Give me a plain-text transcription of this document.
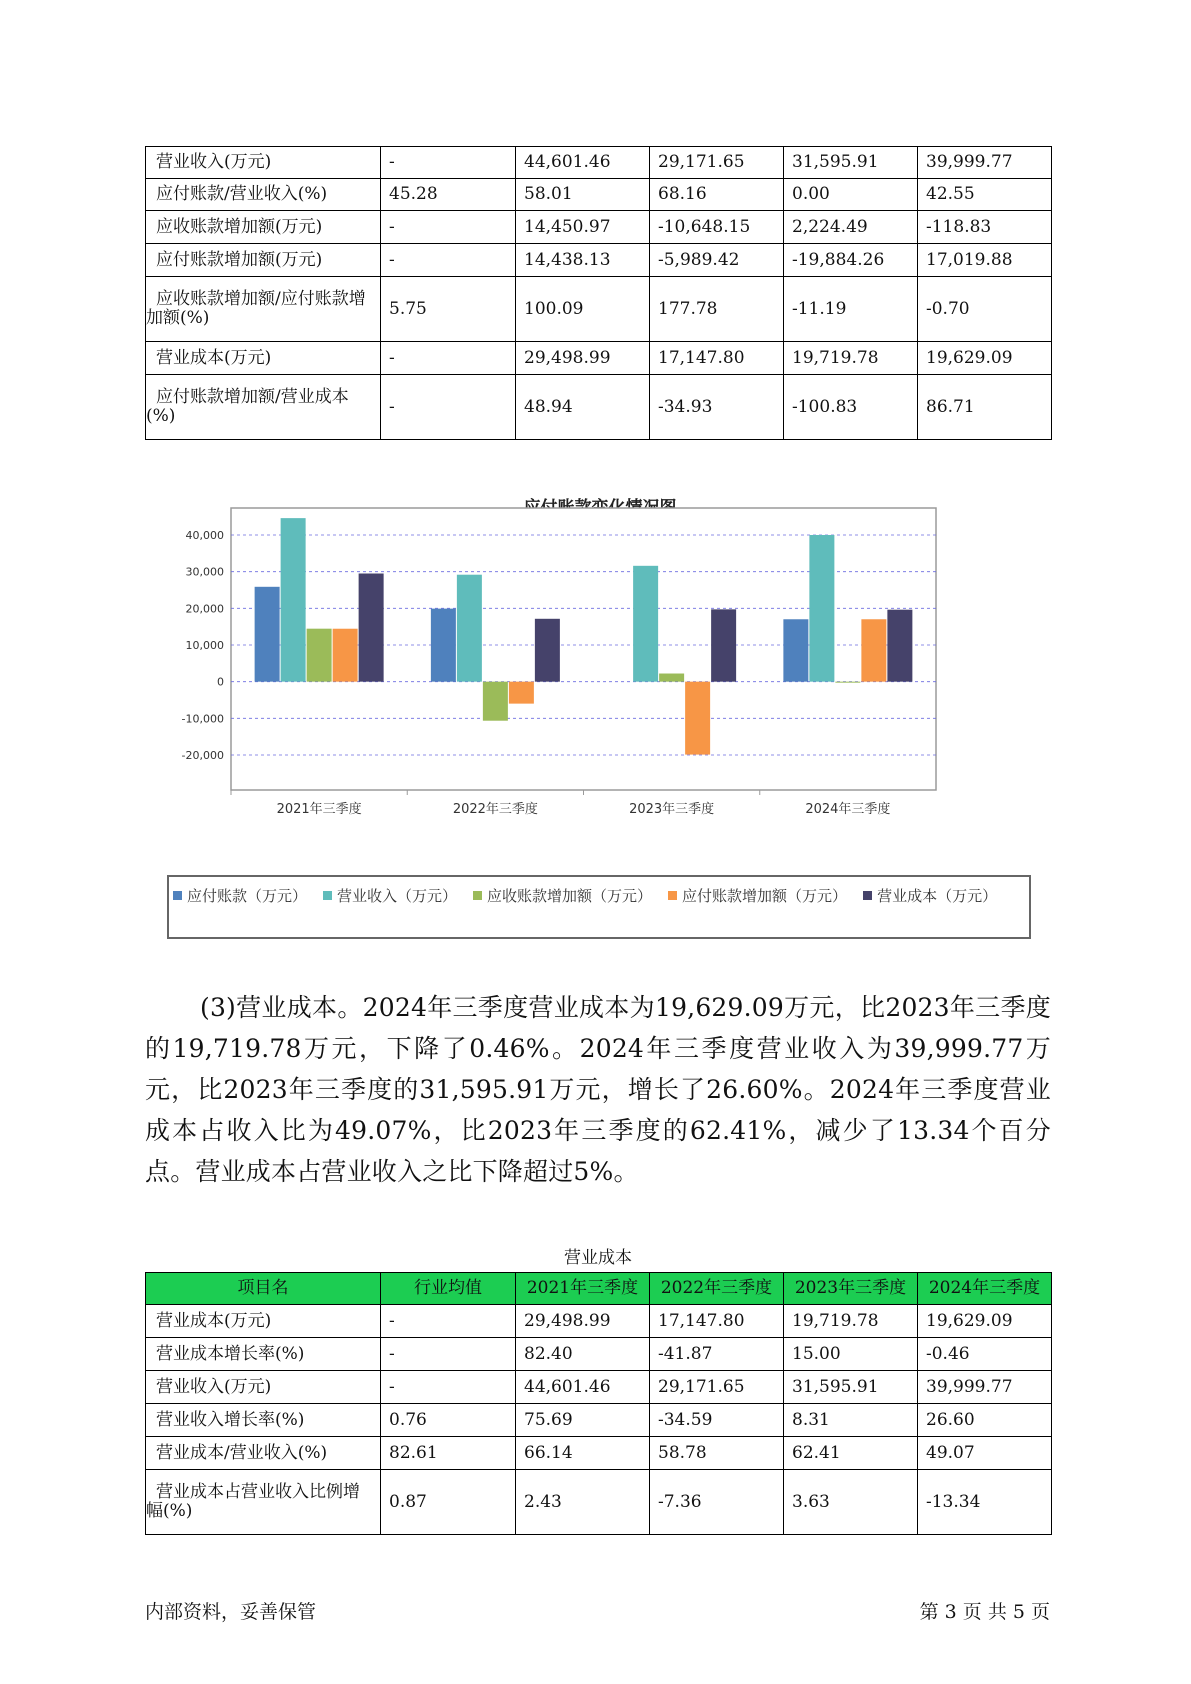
营业收入(万元)	-	44,601.46	29,171.65	31,595.91	39,999.77
应付账款/营业收入(%)	45.28	58.01	68.16	0.00	42.55
应收账款增加额(万元)	-	14,450.97	-10,648.15	2,224.49	-118.83
应付账款增加额(万元)	-	14,438.13	-5,989.42	-19,884.26	17,019.88
应收账款增加额/应付账款增加额(%)	5.75	100.09	177.78	-11.19	-0.70
营业成本(万元)	-	29,498.99	17,147.80	19,719.78	19,629.09
应付账款增加额/营业成本(%)	-	48.94	-34.93	-100.83	86.71
40,000
30,000
20,000
10,000
0
-10,000
-20,000
2021年三季度	2022年三季度	2023年三季度	2024年三季度
应付账款（万元） 营业收入（万元） 应收账款增加额（万元） 应付账款增加额（万元） 营业成本（万元）

(3)营业成本。2024年三季度营业成本为19,629.09万元，比2023年三季度的19,719.78万元，下降了0.46%。2024年三季度营业收入为39,999.77万元，比2023年三季度的31,595.91万元，增长了26.60%。2024年三季度营业成本占收入比为49.07%，比2023年三季度的62.41%，减少了13.34个百分点。营业成本占营业收入之比下降超过5%。

营业成本
项目名	行业均值	2021年三季度	2022年三季度	2023年三季度	2024年三季度
营业成本(万元)	-	29,498.99	17,147.80	19,719.78	19,629.09
营业成本增长率(%)	-	82.40	-41.87	15.00	-0.46
营业收入(万元)	-	44,601.46	29,171.65	31,595.91	39,999.77
营业收入增长率(%)	0.76	75.69	-34.59	8.31	26.60
营业成本/营业收入(%)	82.61	66.14	58.78	62.41	49.07
营业成本占营业收入比例增幅(%)	0.87	2.43	-7.36	3.63	-13.34
内部资料，妥善保管	第 3 页 共 5 页
